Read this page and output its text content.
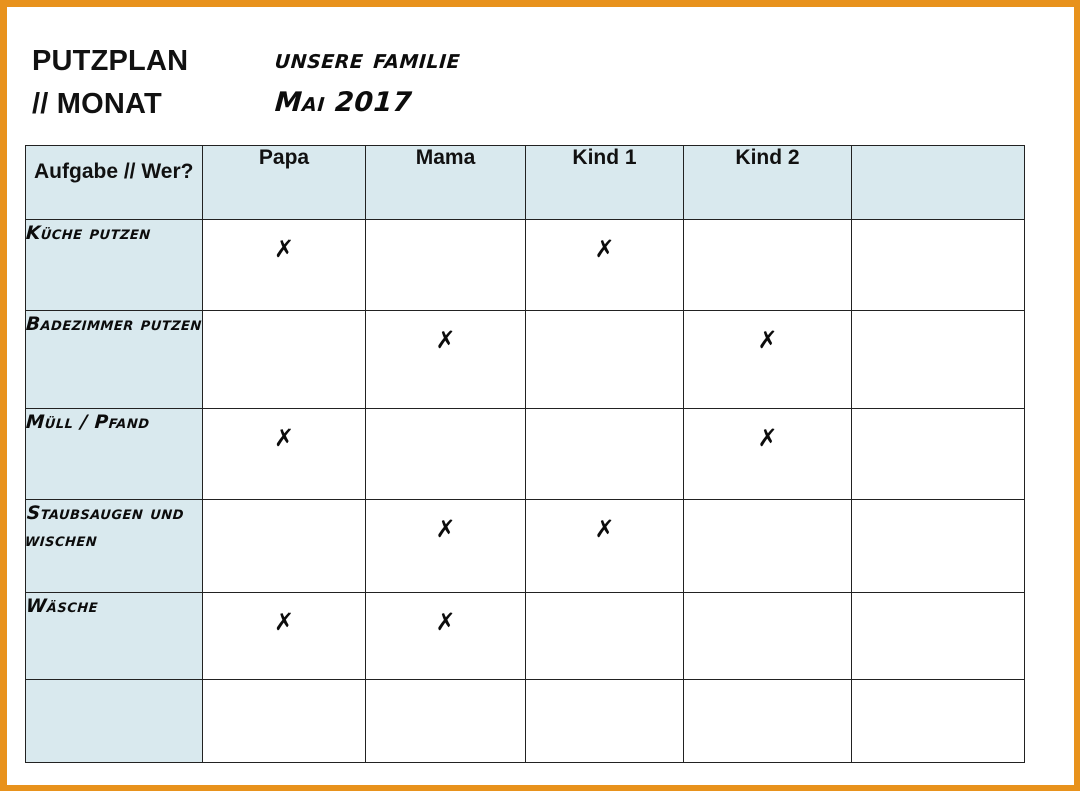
PUTZPLAN
// MONAT
unsere familie
Mai 2017
Aufgabe // Wer?	Papa	Mama	Kind 1	Kind 2	

Küche putzen	✗		✗		

Badezimmer putzen		✗		✗	

Müll / Pfand	✗			✗	

Staubsaugen und wischen		✗	✗		

Wäsche	✗	✗			
